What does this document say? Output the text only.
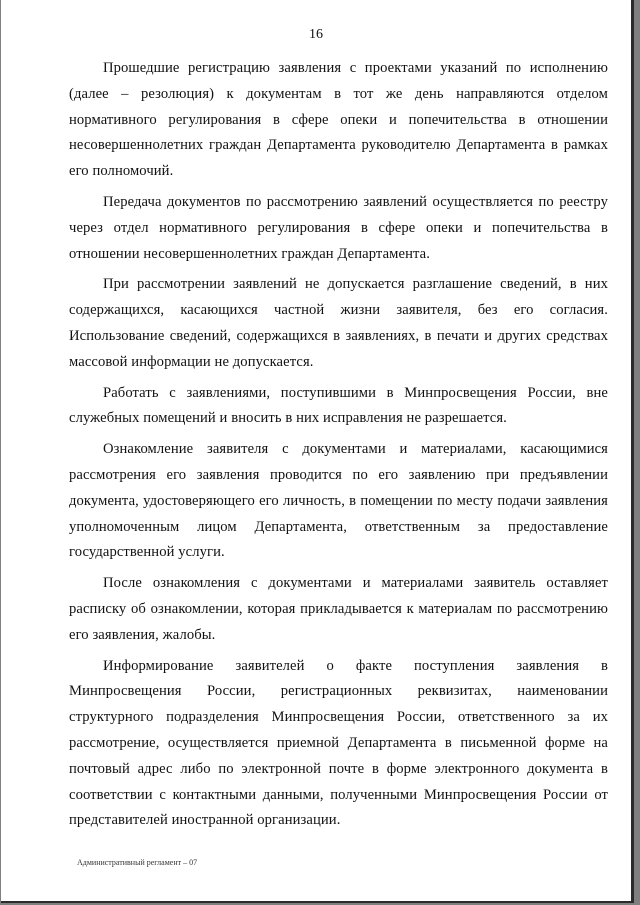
16

Прошедшие регистрацию заявления с проектами указаний по исполнению (далее – резолюция) к документам в тот же день направляются отделом нормативного регулирования в сфере опеки и попечительства в отношении несовершеннолетних граждан Департамента руководителю Департамента в рамках его полномочий.

Передача документов по рассмотрению заявлений осуществляется по реестру через отдел нормативного регулирования в сфере опеки и попечительства в отношении несовершеннолетних граждан Департамента.

При рассмотрении заявлений не допускается разглашение сведений, в них содержащихся, касающихся частной жизни заявителя, без его согласия. Использование сведений, содержащихся в заявлениях, в печати и других средствах массовой информации не допускается.

Работать с заявлениями, поступившими в Минпросвещения России, вне служебных помещений и вносить в них исправления не разрешается.

Ознакомление заявителя с документами и материалами, касающимися рассмотрения его заявления проводится по его заявлению при предъявлении документа, удостоверяющего его личность, в помещении по месту подачи заявления уполномоченным лицом Департамента, ответственным за предоставление государственной услуги.

После ознакомления с документами и материалами заявитель оставляет расписку об ознакомлении, которая прикладывается к материалам по рассмотрению его заявления, жалобы.

Информирование заявителей о факте поступления заявления в Минпросвещения России, регистрационных реквизитах, наименовании структурного подразделения Минпросвещения России, ответственного за их рассмотрение, осуществляется приемной Департамента в письменной форме на почтовый адрес либо по электронной почте в форме электронного документа в соответствии с контактными данными, полученными Минпросвещения России от представителей иностранной организации.

Административный регламент – 07
